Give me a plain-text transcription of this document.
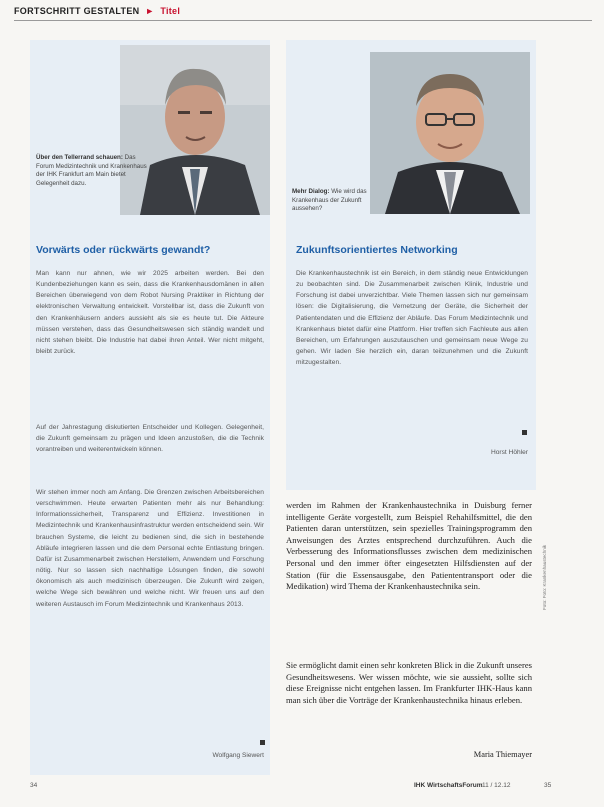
FORTSCHRITT GESTALTEN ► Titel
Über den Tellerrand schauen: Das Forum Medizintechnik und Krankenhaus der IHK Frankfurt am Main bietet Gelegenheit dazu.
Mehr Dialog: Wie wird das Krankenhaus der Zukunft aussehen?
Vorwärts oder rückwärts gewandt?	Zukunftsorientiertes Networking

Man kann nur ahnen, wie wir 2025 arbeiten werden. Bei den Kundenbeziehungen kann es sein, dass die Krankenhausdomänen in allen Bereichen überwiegend von dem Robot Nursing Praktiker in Richtung der elektronischen Verwaltung entwickelt. Vorstellbar ist, dass die Zukunft von den Krankenhäusern anders aussieht als sie es heute tut. Die Akteure müssen verstehen, dass das Gesundheitswesen sich ständig wandelt und nicht stehen bleibt. Die Industrie hat dabei ihren Anteil. Wer nicht mitgeht, bleibt zurück.

Auf der Jahrestagung diskutierten Entscheider und Kollegen. Gelegenheit, die Zukunft gemeinsam zu prägen und Ideen anzustoßen, die die Technik vorantreiben und weiterentwickeln können.

Wir stehen immer noch am Anfang. Die Grenzen zwischen Arbeitsbereichen verschwimmen. Heute erwarten Patienten mehr als nur Behandlung: Informationssicherheit, Transparenz und Effizienz. Investitionen in Medizintechnik und Krankenhausinfrastruktur werden entscheidend sein. Wir brauchen Systeme, die leicht zu bedienen sind, die sich in bestehende Abläufe integrieren lassen und die dem Personal echte Entlastung bringen. Dafür ist Zusammenarbeit zwischen Herstellern, Anwendern und Forschung nötig. Nur so lassen sich nachhaltige Lösungen finden, die sowohl ökonomisch als auch medizinisch überzeugen. Die Zukunft wird zeigen, welche Wege sich bewähren und welche nicht. Wir freuen uns auf den weiteren Austausch im Forum Medizintechnik und Krankenhaus 2013.

Wolfgang Siewert

Die Krankenhaustechnik ist ein Bereich, in dem ständig neue Entwicklungen zu beobachten sind. Die Zusammenarbeit zwischen Klinik, Industrie und Forschung ist dabei unverzichtbar. Viele Themen lassen sich nur gemeinsam lösen: die Digitalisierung, die Vernetzung der Geräte, die Sicherheit der Patientendaten und die Effizienz der Abläufe. Das Forum Medizintechnik und Krankenhaus bietet dafür eine Plattform. Hier treffen sich Fachleute aus allen Bereichen, um Erfahrungen auszutauschen und gemeinsam neue Wege zu gehen. Wir laden Sie herzlich ein, daran teilzunehmen und die Zukunft mitzugestalten.

Horst Höhler

werden im Rahmen der Krankenhaustechnika in Duisburg ferner intelligente Geräte vorgestellt, zum Beispiel Rehahilfsmittel, die den Patienten daran unterstützen, sein spezielles Trainingsprogramm den Anweisungen des Arztes entsprechend durchzuführen. Auch die Verbesserung des Informationsflusses zwischen dem medizinischen Personal und den immer öfter eingesetzten Hilfsdiensten auf der Station (für die Essensausgabe, den Patiententransport oder die Medikation) wird Thema der Krankenhaustechnika sein.

Sie ermöglicht damit einen sehr konkreten Blick in die Zukunft unseres Gesundheitswesens. Wer wissen möchte, wie sie aussieht, sollte sich diese Ereignisse nicht entgehen lassen. Im Frankfurter IHK-Haus kann man sich über die Vorträge der Krankenhaustechnika hinaus erleben.

Maria Thiemayer
Foto: Foto: Krankenhaustechnik
34	IHK WirtschaftsForum 11 / 12.12	35
